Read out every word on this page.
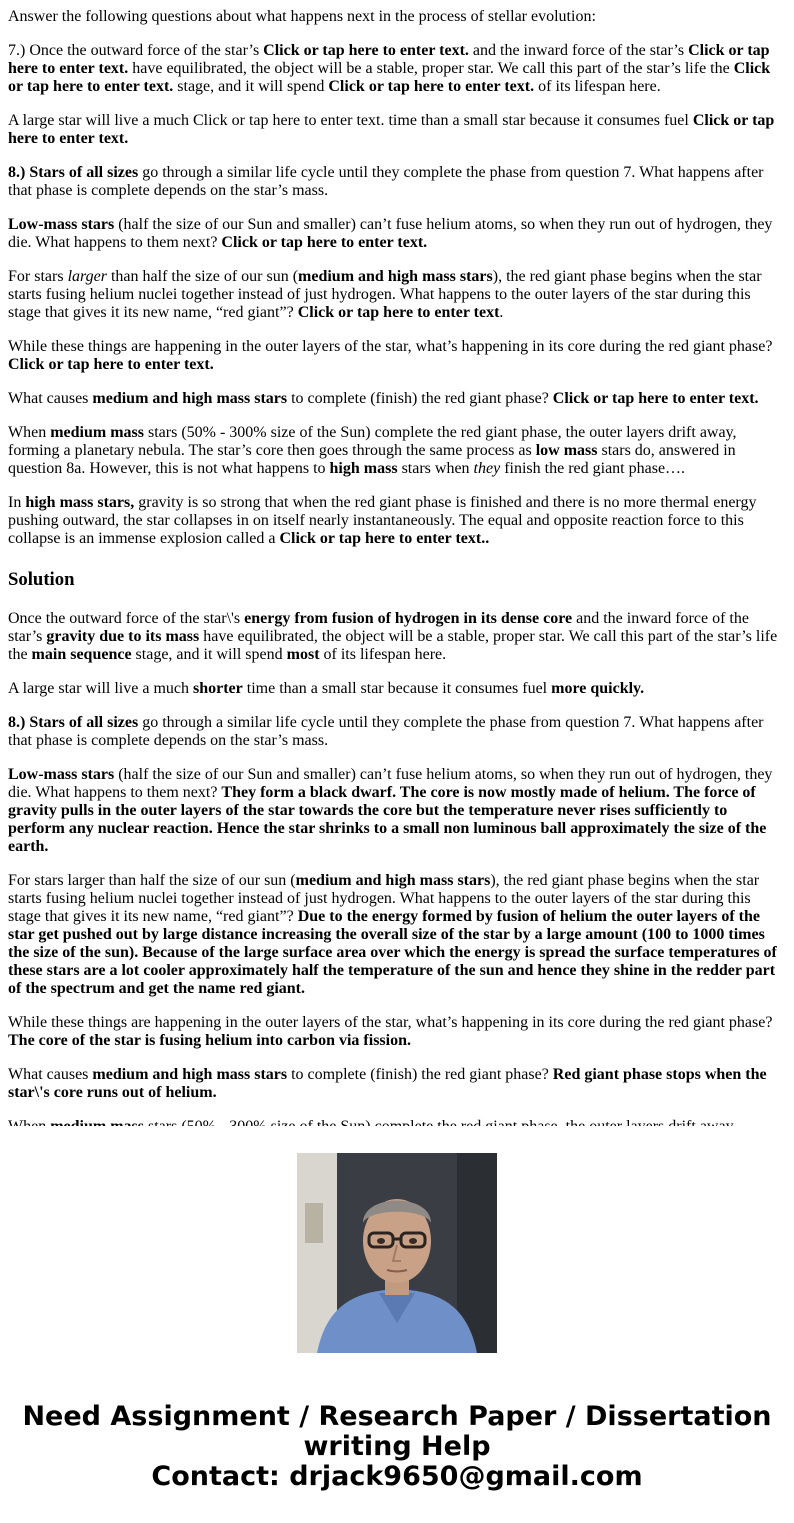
Answer the following questions about what happens next in the process of stellar evolution:

7.) Once the outward force of the star’s Click or tap here to enter text. and the inward force of the star’s Click or tap here to enter text. have equilibrated, the object will be a stable, proper star. We call this part of the star’s life the Click or tap here to enter text. stage, and it will spend Click or tap here to enter text. of its lifespan here.

A large star will live a much Click or tap here to enter text. time than a small star because it consumes fuel Click or tap here to enter text.

8.) Stars of all sizes go through a similar life cycle until they complete the phase from question 7. What happens after that phase is complete depends on the star’s mass.

Low-mass stars (half the size of our Sun and smaller) can’t fuse helium atoms, so when they run out of hydrogen, they die. What happens to them next? Click or tap here to enter text.

For stars larger than half the size of our sun (medium and high mass stars), the red giant phase begins when the star starts fusing helium nuclei together instead of just hydrogen. What happens to the outer layers of the star during this stage that gives it its new name, “red giant”? Click or tap here to enter text.

While these things are happening in the outer layers of the star, what’s happening in its core during the red giant phase? Click or tap here to enter text.

What causes medium and high mass stars to complete (finish) the red giant phase? Click or tap here to enter text.

When medium mass stars (50% - 300% size of the Sun) complete the red giant phase, the outer layers drift away, forming a planetary nebula. The star’s core then goes through the same process as low mass stars do, answered in question 8a. However, this is not what happens to high mass stars when they finish the red giant phase….

In high mass stars, gravity is so strong that when the red giant phase is finished and there is no more thermal energy pushing outward, the star collapses in on itself nearly instantaneously. The equal and opposite reaction force to this collapse is an immense explosion called a Click or tap here to enter text..

Solution

Once the outward force of the star\'s energy from fusion of hydrogen in its dense core and the inward force of the star’s gravity due to its mass have equilibrated, the object will be a stable, proper star. We call this part of the star’s life the main sequence stage, and it will spend most of its lifespan here.

A large star will live a much shorter time than a small star because it consumes fuel more quickly.

8.) Stars of all sizes go through a similar life cycle until they complete the phase from question 7. What happens after that phase is complete depends on the star’s mass.

Low-mass stars (half the size of our Sun and smaller) can’t fuse helium atoms, so when they run out of hydrogen, they die. What happens to them next? They form a black dwarf. The core is now mostly made of helium. The force of gravity pulls in the outer layers of the star towards the core but the temperature never rises sufficiently to perform any nuclear reaction. Hence the star shrinks to a small non luminous ball approximately the size of the earth.

For stars larger than half the size of our sun (medium and high mass stars), the red giant phase begins when the star starts fusing helium nuclei together instead of just hydrogen. What happens to the outer layers of the star during this stage that gives it its new name, “red giant”? Due to the energy formed by fusion of helium the outer layers of the star get pushed out by large distance increasing the overall size of the star by a large amount (100 to 1000 times the size of the sun). Because of the large surface area over which the energy is spread the surface temperatures of these stars are a lot cooler approximately half the temperature of the sun and hence they shine in the redder part of the spectrum and get the name red giant.

While these things are happening in the outer layers of the star, what’s happening in its core during the red giant phase? The core of the star is fusing helium into carbon via fission.

What causes medium and high mass stars to complete (finish) the red giant phase? Red giant phase stops when the star\'s core runs out of helium.

Need Assignment / Research Paper / Dissertation
writing Help
Contact: drjack9650@gmail.com
